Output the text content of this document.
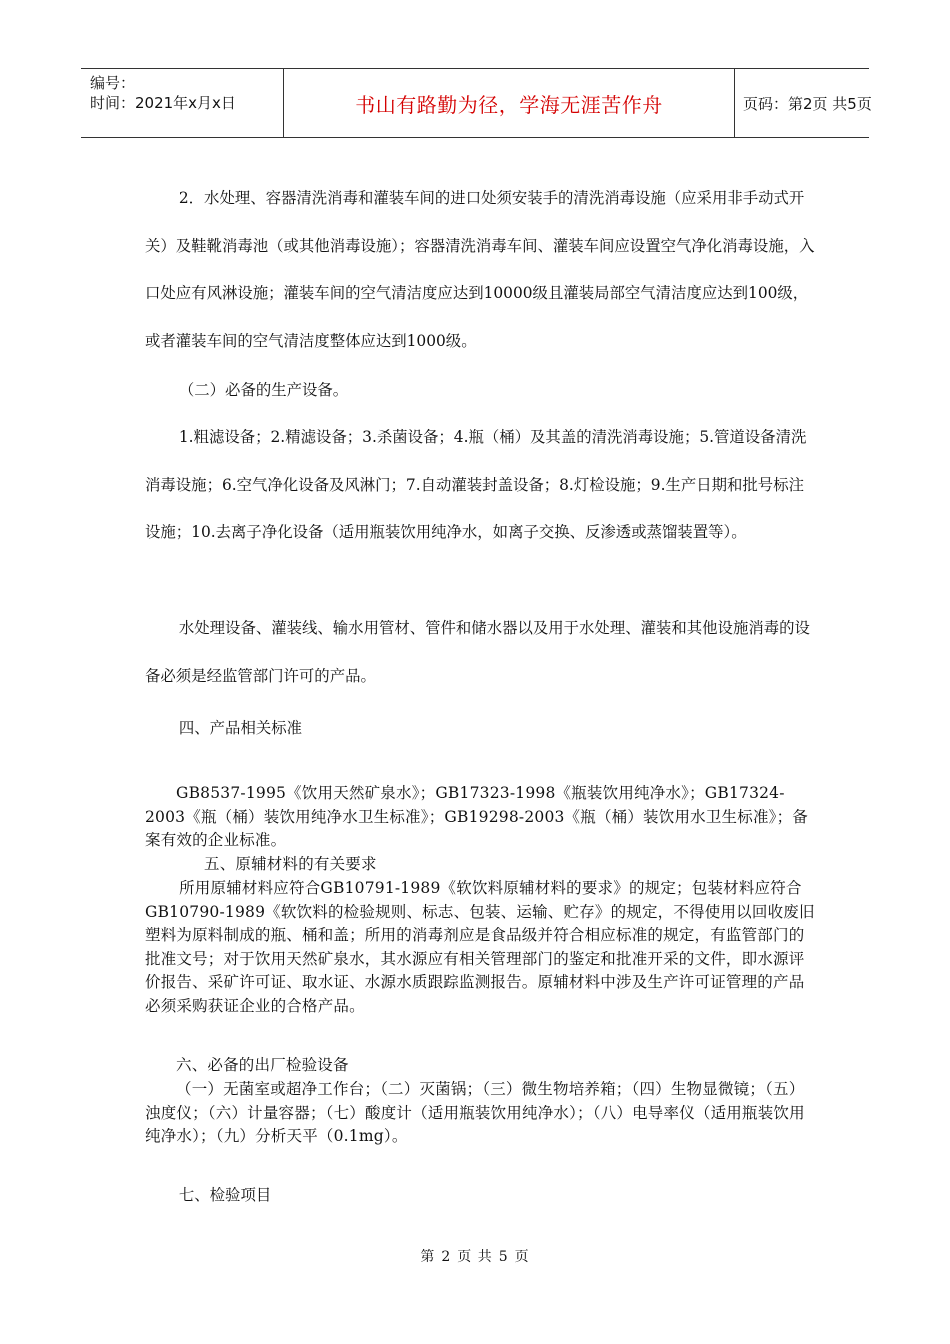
编号：
时间：2021年x月x日	书山有路勤为径，学海无涯苦作舟	页码：第2页 共5页

2．水处理、容器清洗消毒和灌装车间的进口处须安装手的清洗消毒设施（应采用非手动式开关）及鞋靴消毒池（或其他消毒设施）；容器清洗消毒车间、灌装车间应设置空气净化消毒设施，入口处应有风淋设施；灌装车间的空气清洁度应达到10000级且灌装局部空气清洁度应达到100级，或者灌装车间的空气清洁度整体应达到1000级。

（二）必备的生产设备。

1.粗滤设备；2.精滤设备；3.杀菌设备；4.瓶（桶）及其盖的清洗消毒设施；5.管道设备清洗消毒设施；6.空气净化设备及风淋门；7.自动灌装封盖设备；8.灯检设施；9.生产日期和批号标注设施；10.去离子净化设备（适用瓶装饮用纯净水，如离子交换、反渗透或蒸馏装置等）。

水处理设备、灌装线、输水用管材、管件和储水器以及用于水处理、灌装和其他设施消毒的设备必须是经监管部门许可的产品。

四、产品相关标准

GB8537-1995《饮用天然矿泉水》；GB17323-1998《瓶装饮用纯净水》；GB17324-2003《瓶（桶）装饮用纯净水卫生标准》；GB19298-2003《瓶（桶）装饮用水卫生标准》；备案有效的企业标准。

五、原辅材料的有关要求

所用原辅材料应符合GB10791-1989《软饮料原辅材料的要求》的规定；包装材料应符合GB10790-1989《软饮料的检验规则、标志、包装、运输、贮存》的规定，不得使用以回收废旧塑料为原料制成的瓶、桶和盖；所用的消毒剂应是食品级并符合相应标准的规定，有监管部门的批准文号；对于饮用天然矿泉水，其水源应有相关管理部门的鉴定和批准开采的文件，即水源评价报告、采矿许可证、取水证、水源水质跟踪监测报告。原辅材料中涉及生产许可证管理的产品必须采购获证企业的合格产品。

六、必备的出厂检验设备

（一）无菌室或超净工作台；（二）灭菌锅；（三）微生物培养箱；（四）生物显微镜；（五）浊度仪；（六）计量容器；（七）酸度计（适用瓶装饮用纯净水）；（八）电导率仪（适用瓶装饮用纯净水）；（九）分析天平（0.1mg）。

七、检验项目

第 2 页 共 5 页
